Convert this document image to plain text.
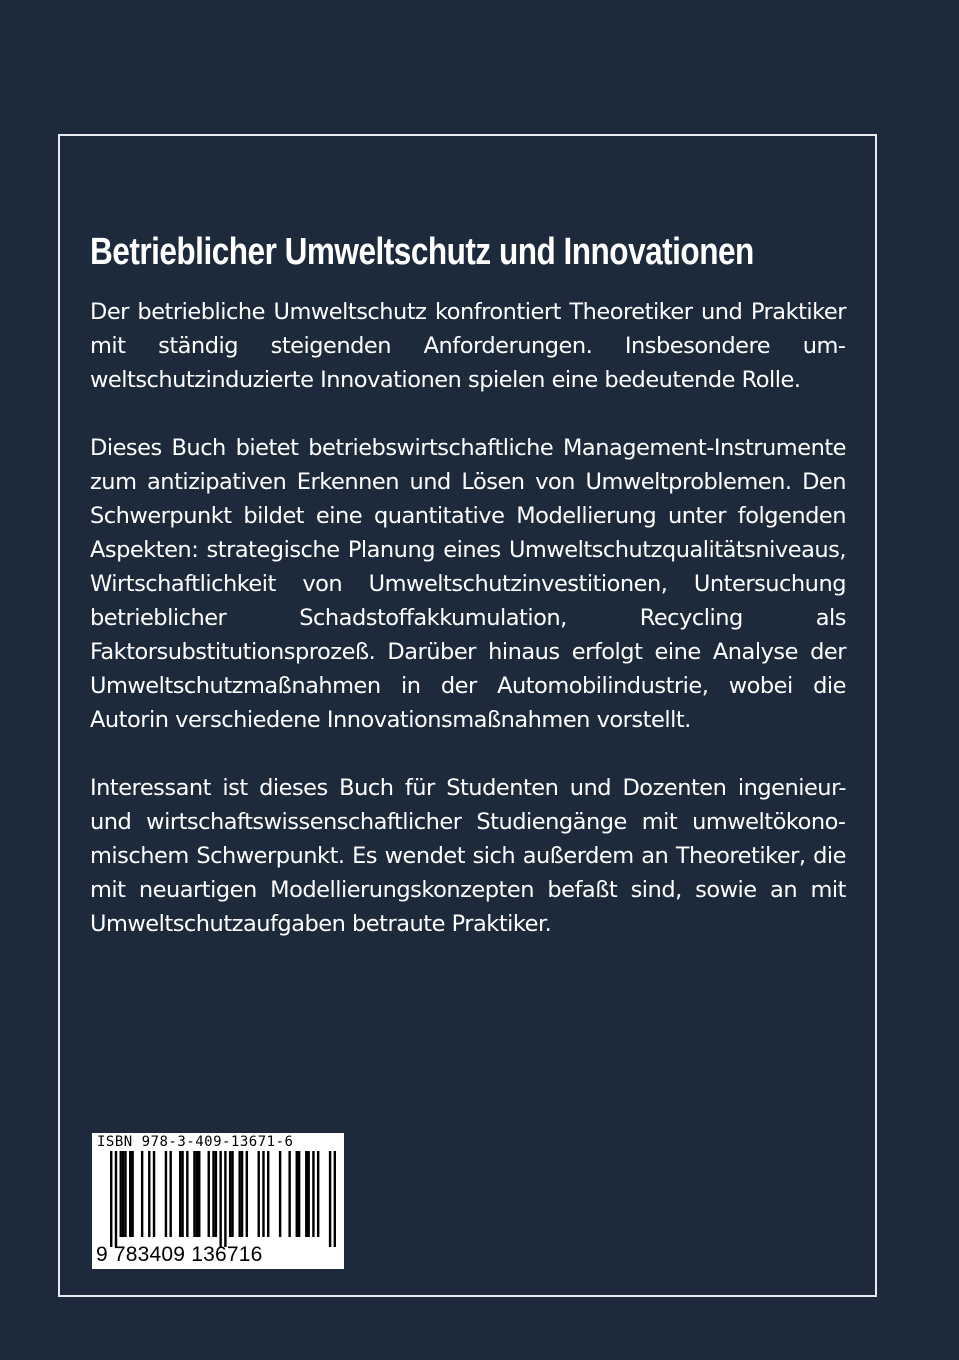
Betrieblicher Umweltschutz und Innovationen

Der betriebliche Umweltschutz konfrontiert Theoretiker und Praktiker mit ständig steigenden Anforderungen. Insbesondere umweltschutzinduzierte Innovationen spielen eine bedeutende Rolle.

Dieses Buch bietet betriebswirtschaftliche Management-Instrumente zum antizipativen Erkennen und Lösen von Umweltproblemen. Den Schwerpunkt bildet eine quantitative Modellierung unter folgenden Aspekten: strategische Planung eines Umweltschutzqualitätsniveaus, Wirtschaftlichkeit von Umweltschutzinvestitionen, Untersuchung betrieblicher Schadstoffakkumulation, Recycling als Faktorsubstitutionsprozeß. Darüber hinaus erfolgt eine Analyse der Umweltschutzmaßnahmen in der Automobilindustrie, wobei die Autorin verschiedene Innovationsmaßnahmen vorstellt.

Interessant ist dieses Buch für Studenten und Dozenten ingenieur- und wirtschaftswissenschaftlicher Studiengänge mit umweltökonomischem Schwerpunkt. Es wendet sich außerdem an Theoretiker, die mit neuartigen Modellierungskonzepten befaßt sind, sowie an mit Umweltschutzaufgaben betraute Praktiker.

ISBN 978-3-409-13671-6

9 783409 136716
